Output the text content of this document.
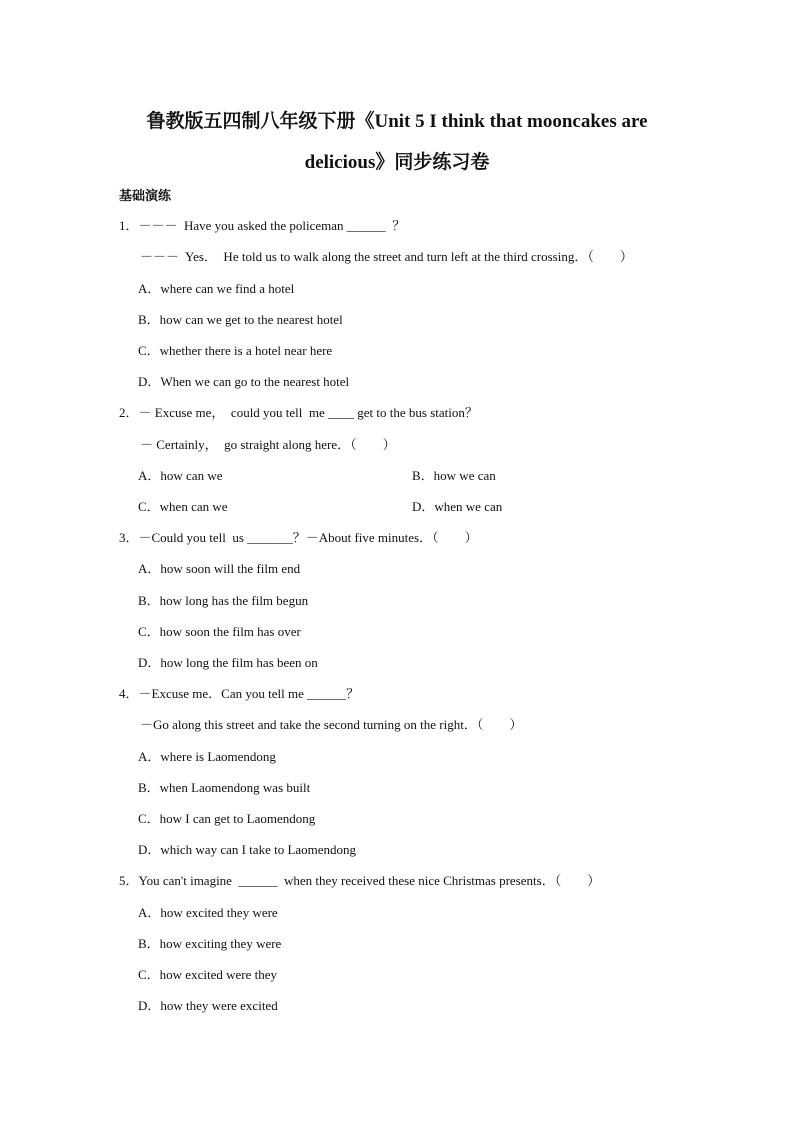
鲁教版五四制八年级下册《Unit 5 I think that mooncakes are
delicious》同步练习卷
基础演练
1．－－－  Have you asked the policeman ______  ？
－－－  Yes．  He told us to walk along the street and turn left at the third crossing．（        ）
A．where can we find a hotel
B．how can we get to the nearest hotel
C．whether there is a hotel near here
D．When we can go to the nearest hotel
2．－ Excuse me，  could you tell  me ____ get to the bus station？
－ Certainly，  go straight along here．（        ）
A．how can we	B．how we can
C．when can we	D．when we can
3．－Could you tell  us _______？－About five minutes．（        ）
A．how soon will the film end
B．how long has the film begun
C．how soon the film has over
D．how long the film has been on
4．－Excuse me．Can you tell me ______？
－Go along this street and take the second turning on the right．（        ）
A．where is Laomendong
B．when Laomendong was built
C．how I can get to Laomendong
D．which way can I take to Laomendong
5．You can't imagine  ______  when they received these nice Christmas presents．（        ）
A．how excited they were
B．how exciting they were
C．how excited were they
D．how they were excited
